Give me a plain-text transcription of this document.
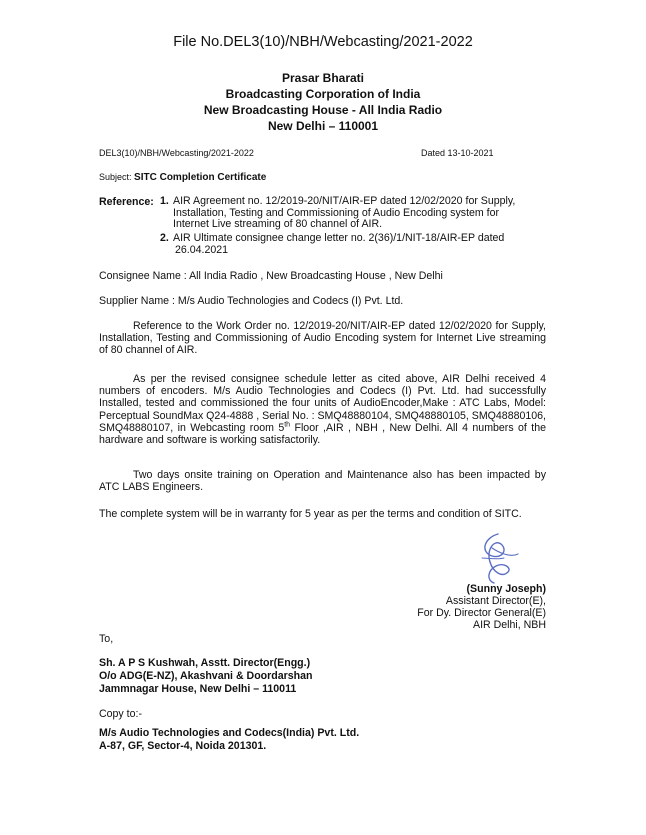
File No.DEL3(10)/NBH/Webcasting/2021-2022
Prasar Bharati
Broadcasting Corporation of India
New Broadcasting House - All India Radio
New Delhi – 110001
DEL3(10)/NBH/Webcasting/2021-2022	Dated 13-10-2021
Subject: SITC Completion Certificate
Reference: 1. AIR Agreement no. 12/2019-20/NIT/AIR-EP dated 12/02/2020 for Supply,
Installation, Testing and Commissioning of Audio Encoding system for
Internet Live streaming of 80 channel of AIR.
2. AIR Ultimate consignee change letter no. 2(36)/1/NIT-18/AIR-EP dated
26.04.2021
Consignee Name : All India Radio , New Broadcasting House , New Delhi
Supplier Name : M/s Audio Technologies and Codecs (I) Pvt. Ltd.
Reference to the Work Order no. 12/2019-20/NIT/AIR-EP dated 12/02/2020 for Supply, Installation, Testing and Commissioning of Audio Encoding system for Internet Live streaming of 80 channel of AIR.
As per the revised consignee schedule letter as cited above, AIR Delhi received 4 numbers of encoders. M/s Audio Technologies and Codecs (I) Pvt. Ltd. had successfully Installed, tested and commissioned the four units of AudioEncoder,Make : ATC Labs, Model: Perceptual SoundMax Q24-4888 , Serial No. : SMQ48880104, SMQ48880105, SMQ48880106, SMQ48880107, in Webcasting room 5th Floor ,AIR , NBH , New Delhi. All 4 numbers of the hardware and software is working satisfactorily.
Two days onsite training on Operation and Maintenance also has been impacted by ATC LABS Engineers.
The complete system will be in warranty for 5 year as per the terms and condition of SITC.
(Sunny Joseph)
Assistant Director(E),
For Dy. Director General(E)
AIR Delhi, NBH
To,
Sh. A P S Kushwah, Asstt. Director(Engg.)
O/o ADG(E-NZ), Akashvani & Doordarshan
Jammnagar House, New Delhi – 110011
Copy to:-
M/s Audio Technologies and Codecs(India) Pvt. Ltd.
A-87, GF, Sector-4, Noida 201301.
